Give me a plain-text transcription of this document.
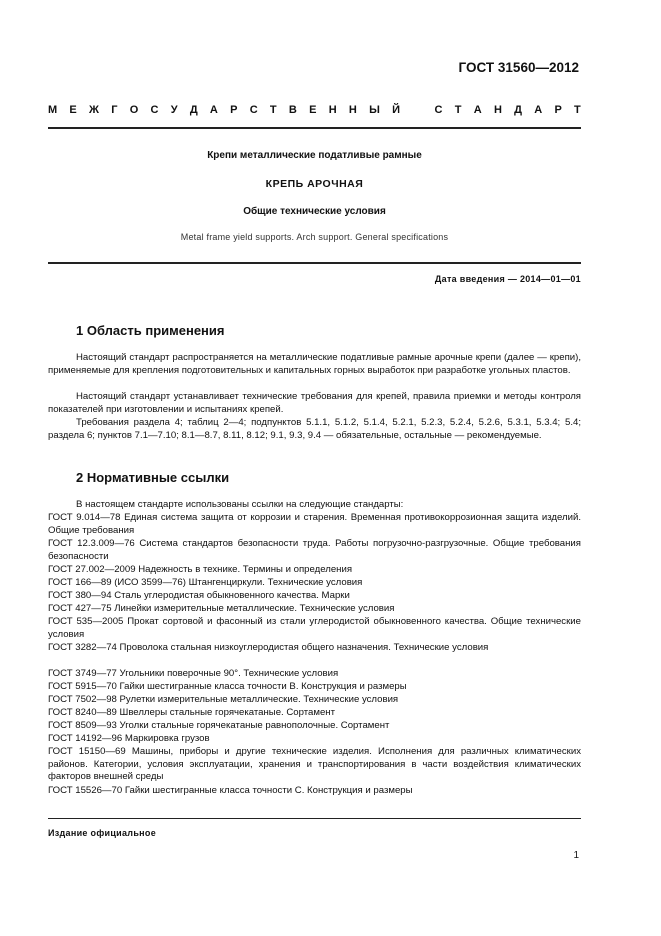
ГОСТ 31560—2012
М Е Ж Г О С У Д А Р С Т В Е Н Н Ы Й	С Т А Н Д А Р Т
Крепи металлические податливые рамные
КРЕПЬ АРОЧНАЯ
Общие технические условия
Metal frame yield supports. Arch support. General specifications
Дата введения — 2014—01—01
1 Область применения

Настоящий стандарт распространяется на металлические податливые рамные арочные крепи (далее — крепи), применяемые для крепления подготовительных и капитальных горных выработок при разработке угольных пластов.

Настоящий стандарт устанавливает технические требования для крепей, правила приемки и методы контроля показателей при изготовлении и испытаниях крепей.

Требования раздела 4; таблиц 2—4; подпунктов 5.1.1, 5.1.2, 5.1.4, 5.2.1, 5.2.3, 5.2.4, 5.2.6, 5.3.1, 5.3.4; 5.4; раздела 6; пунктов 7.1—7.10; 8.1—8.7, 8.11, 8.12; 9.1, 9.3, 9.4 — обязательные, остальные — рекомендуемые.

2 Нормативные ссылки

В настоящем стандарте использованы ссылки на следующие стандарты:

ГОСТ 9.014—78 Единая система защита от коррозии и старения. Временная противокоррозионная защита изделий. Общие требования

ГОСТ 12.3.009—76 Система стандартов безопасности труда. Работы погрузочно-разгрузочные. Общие требования безопасности

ГОСТ 27.002—2009 Надежность в технике. Термины и определения

ГОСТ 166—89 (ИСО 3599—76) Штангенциркули. Технические условия

ГОСТ 380—94 Сталь углеродистая обыкновенного качества. Марки

ГОСТ 427—75 Линейки измерительные металлические. Технические условия

ГОСТ 535—2005 Прокат сортовой и фасонный из стали углеродистой обыкновенного качества. Общие технические условия

ГОСТ 3282—74 Проволока стальная низкоуглеродистая общего назначения. Технические условия

ГОСТ 3749—77 Угольники поверочные 90°. Технические условия

ГОСТ 5915—70 Гайки шестигранные класса точности В. Конструкция и размеры

ГОСТ 7502—98 Рулетки измерительные металлические. Технические условия

ГОСТ 8240—89 Швеллеры стальные горячекатаные. Сортамент

ГОСТ 8509—93 Уголки стальные горячекатаные равнополочные. Сортамент

ГОСТ 14192—96 Маркировка грузов

ГОСТ 15150—69 Машины, приборы и другие технические изделия. Исполнения для различных климатических районов. Категории, условия эксплуатации, хранения и транспортирования в части воздействия климатических факторов внешней среды

ГОСТ 15526—70 Гайки шестигранные класса точности С. Конструкция и размеры

Издание официальное
1
